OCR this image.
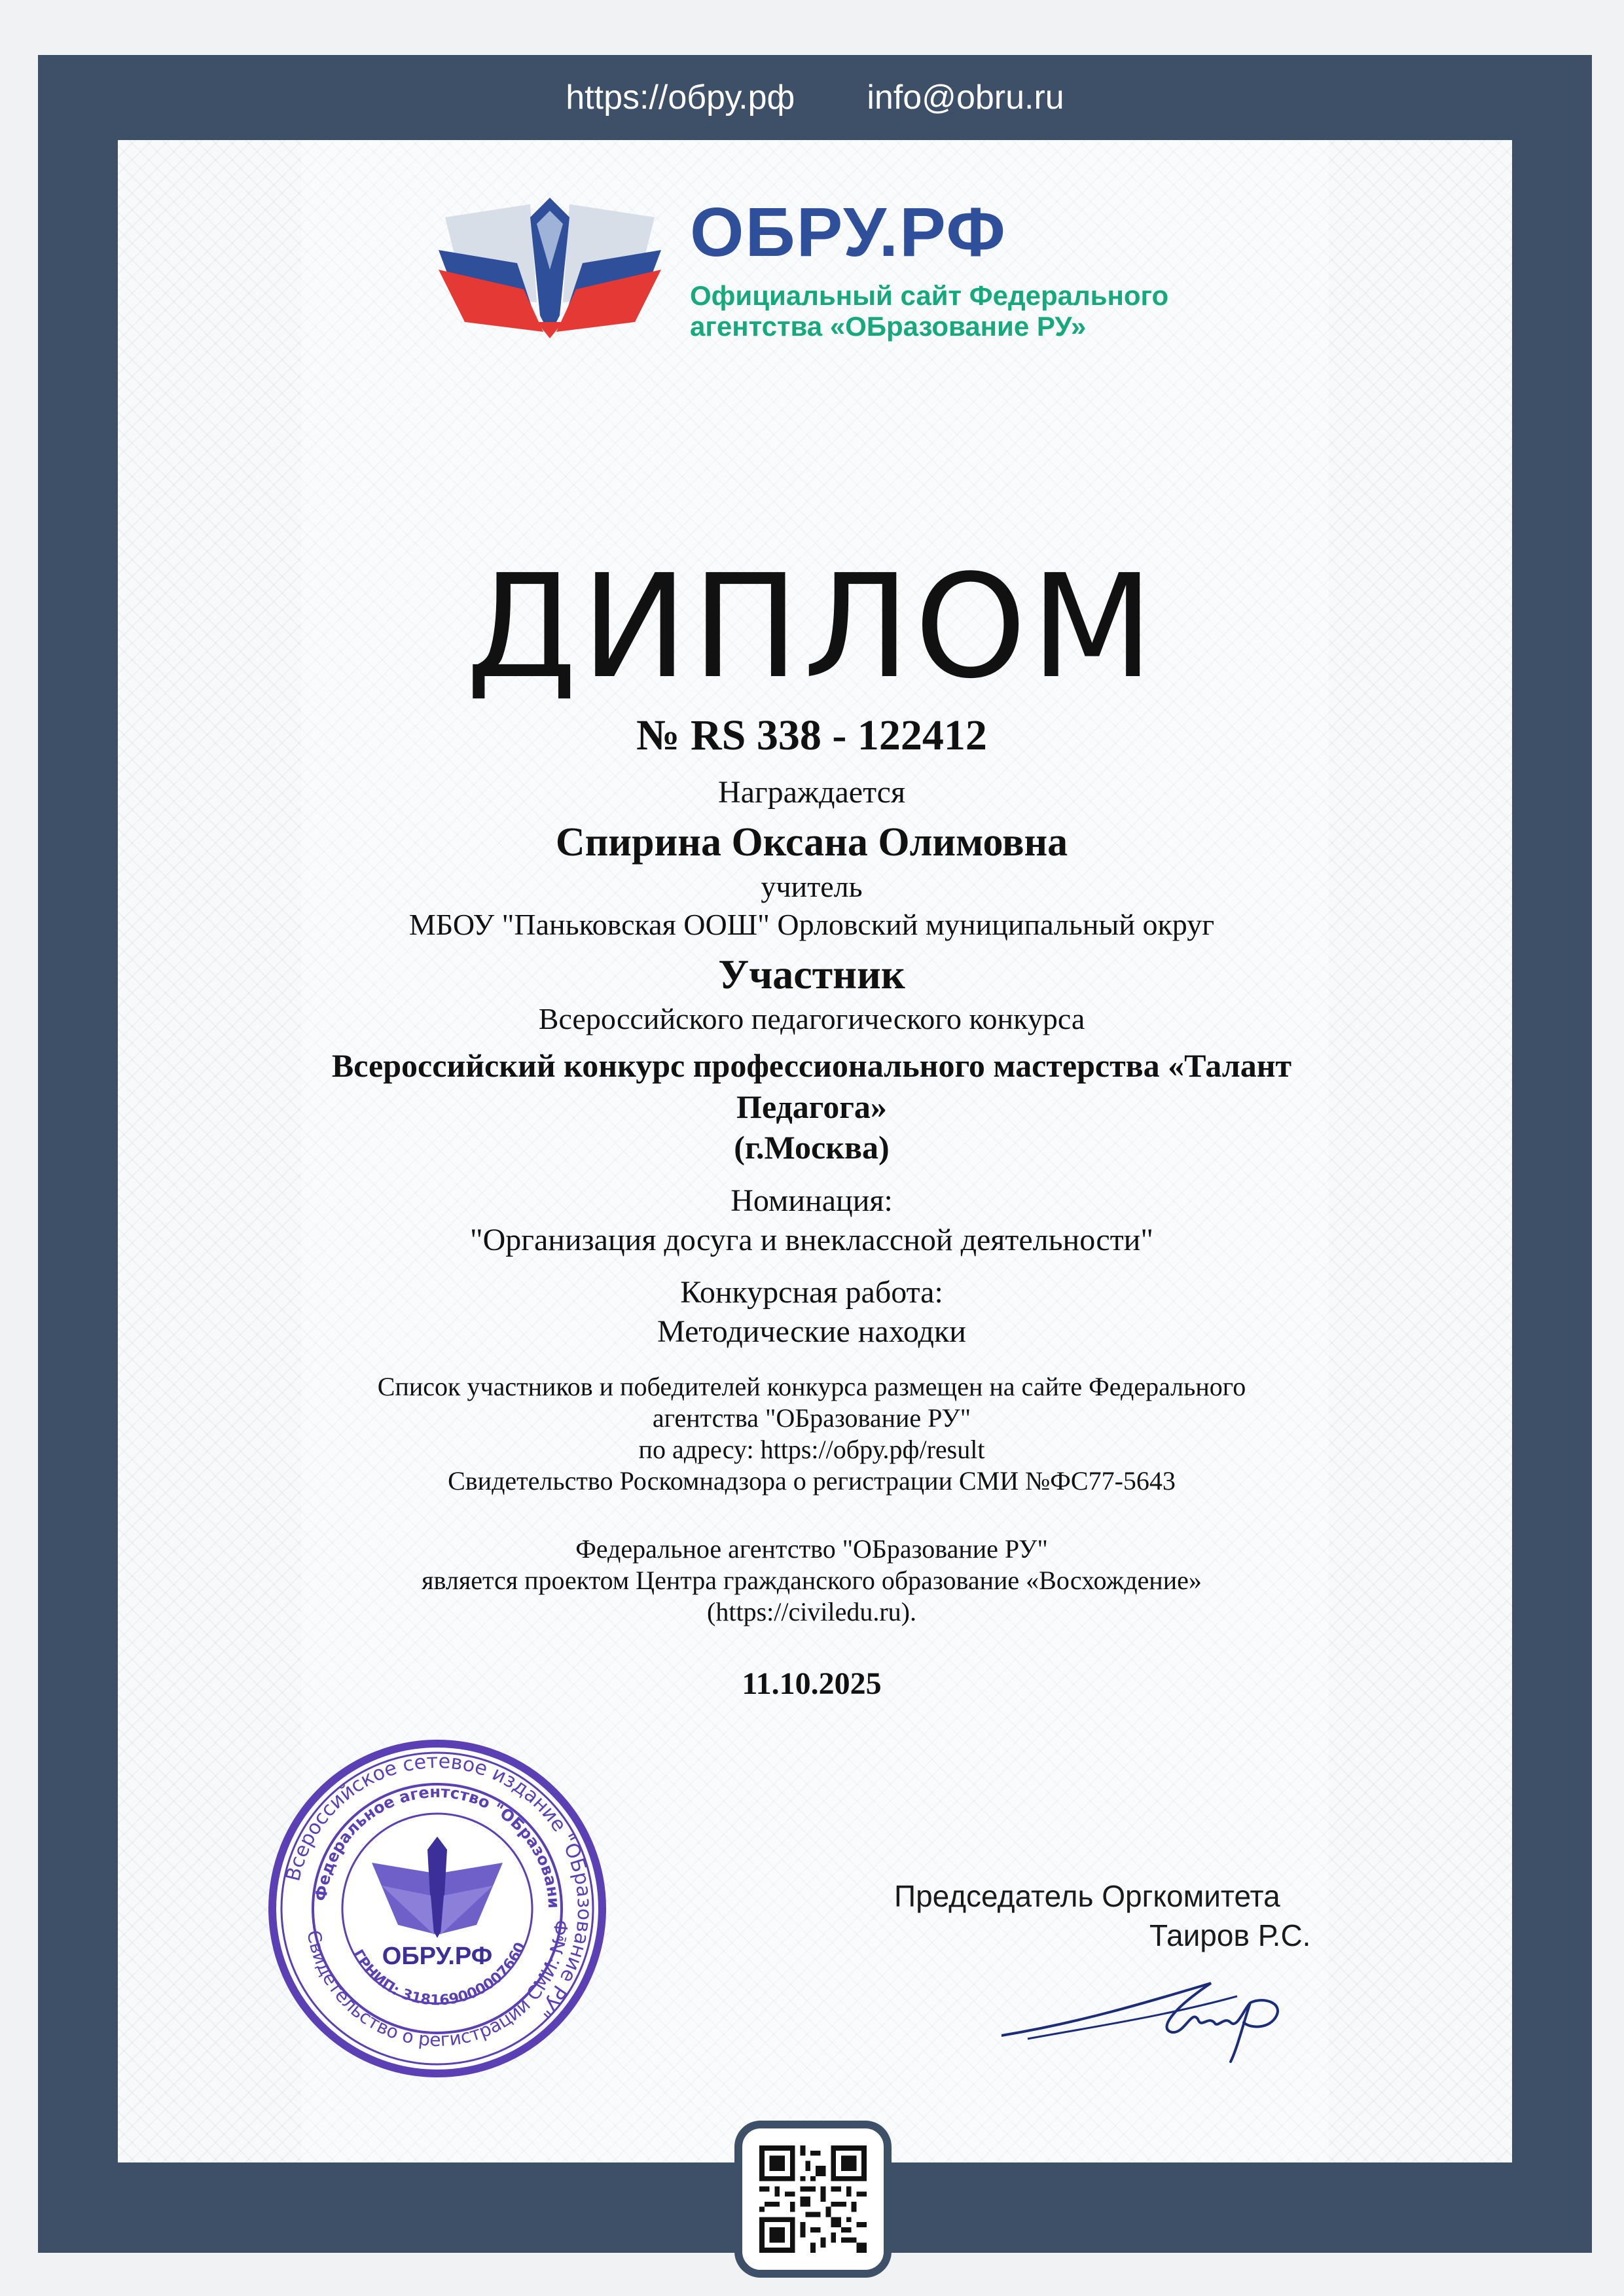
https://обру.рф info@obru.ru
ОБРУ.РФ
Официальный сайт Федерального
агентства «ОБразование РУ»
ДИПЛОМ
№ RS 338 - 122412
Награждается
Спирина Оксана Олимовна
учитель
МБОУ "Паньковская ООШ" Орловский муниципальный округ
Участник
Всероссийского педагогического конкурса
Всероссийский конкурс профессионального мастерства «Талант
Педагога»
(г.Москва)
Номинация:
"Организация досуга и внеклассной деятельности"
Конкурсная работа:
Методические находки
Список участников и победителей конкурса размещен на сайте Федерального
агентства "ОБразование РУ"
по адресу: https://обру.рф/result
Свидетельство Роскомнадзора о регистрации СМИ №ФС77-5643
Федеральное агентство "ОБразование РУ"
является проектом Центра гражданского образование «Восхождение»
(https://civiledu.ru).
11.10.2025
Всероссийское сетевое издание "ОБразование РУ"
Свидетельство о регистрации СМИ: №Ф
Федеральное агентство "ОБразовани
ГРНИП: 318169000007660
ОБРУ.РФ
Председатель Оргкомитета
Таиров Р.С.
